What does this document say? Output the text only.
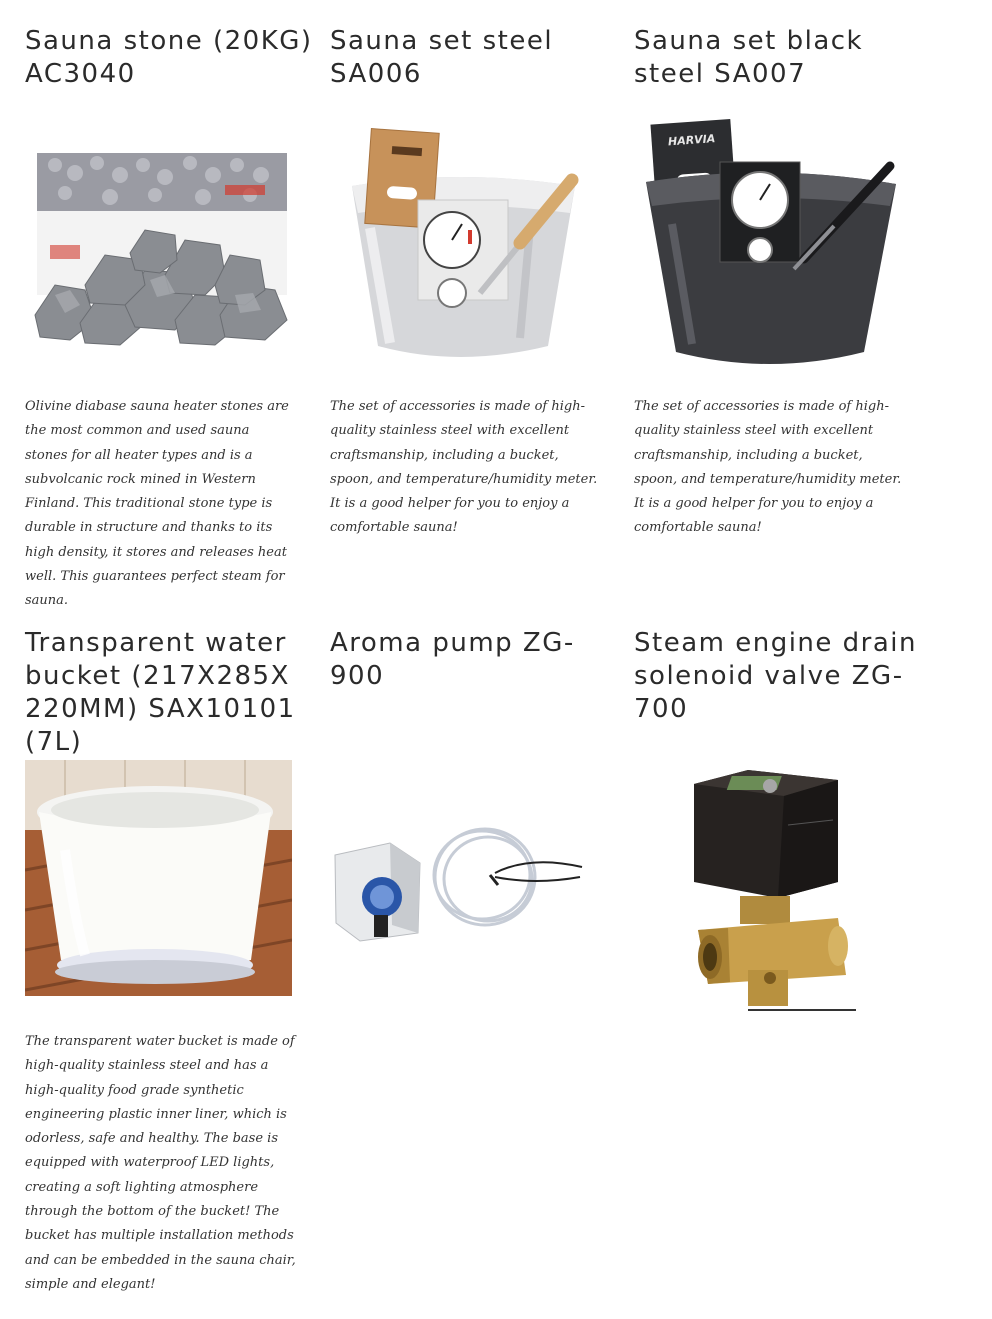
Sauna stone (20KG) AC3040

Olivine diabase sauna heater stones are the most common and used sauna stones for all heater types and is a subvolcanic rock mined in Western Finland. This traditional stone type is durable in structure and thanks to its high density, it stores and releases heat well. This guarantees perfect steam for sauna.

Sauna set steel SA006

The set of accessories is made of high-quality stainless steel with excellent craftsmanship, including a bucket, spoon, and temperature/humidity meter. It is a good helper for you to enjoy a comfortable sauna!

Sauna set black steel SA007
HARVIA

The set of accessories is made of high-quality stainless steel with excellent craftsmanship, including a bucket, spoon, and temperature/humidity meter. It is a good helper for you to enjoy a comfortable sauna!

Transparent water bucket (217X285X220MM) SAX10101 (7L)

The transparent water bucket is made of high-quality stainless steel and has a high-quality food grade synthetic engineering plastic inner liner, which is odorless, safe and healthy. The base is equipped with waterproof LED lights, creating a soft lighting atmosphere through the bottom of the bucket! The bucket has multiple installation methods and can be embedded in the sauna chair, simple and elegant!

Aroma pump ZG-900
Steam engine drain solenoid valve ZG-700
